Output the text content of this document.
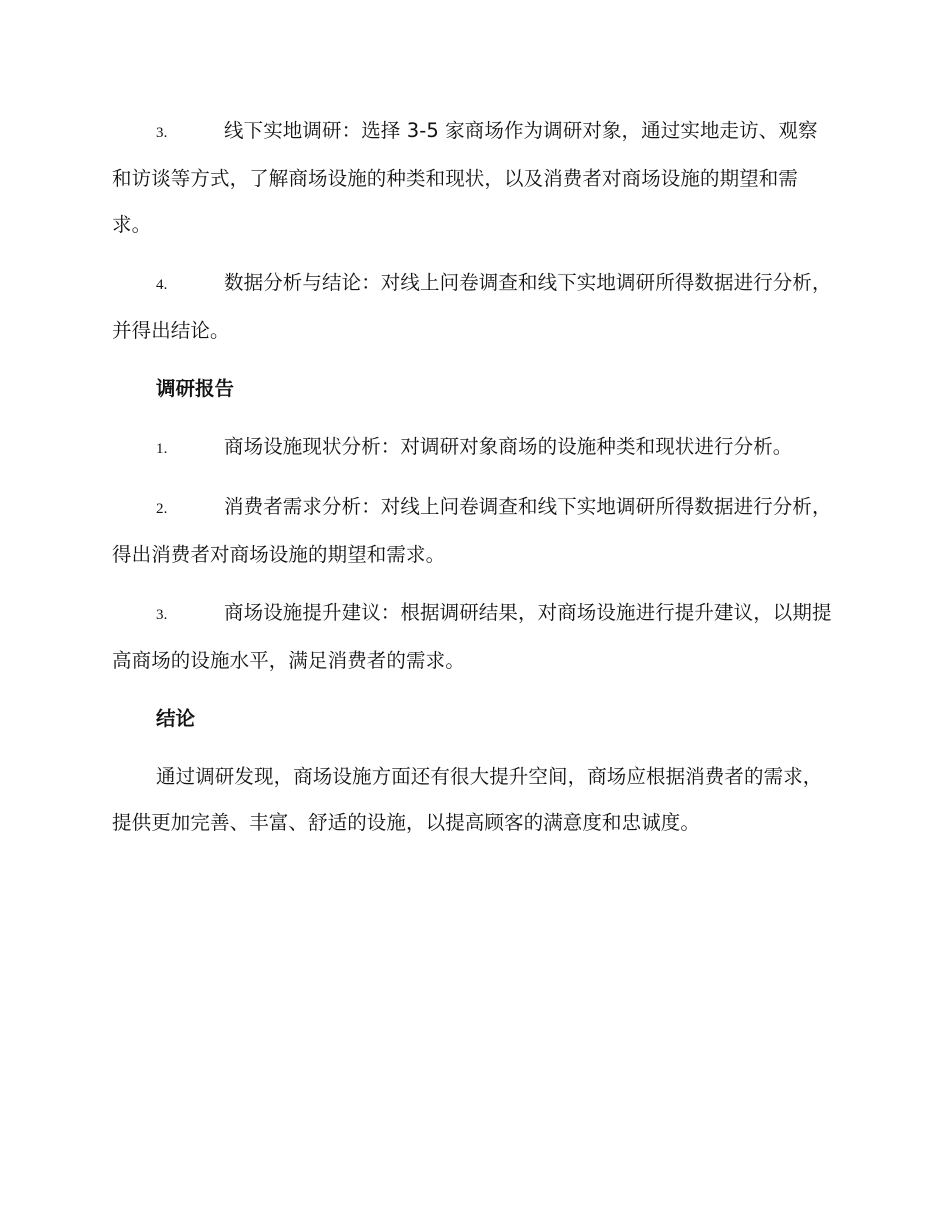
3.	线下实地调研：选择 3-5 家商场作为调研对象，通过实地走访、观察和访谈等方式，了解商场设施的种类和现状，以及消费者对商场设施的期望和需求。

4.	数据分析与结论：对线上问卷调查和线下实地调研所得数据进行分析，并得出结论。

调研报告

1.	商场设施现状分析：对调研对象商场的设施种类和现状进行分析。

2.	消费者需求分析：对线上问卷调查和线下实地调研所得数据进行分析，得出消费者对商场设施的期望和需求。

3.	商场设施提升建议：根据调研结果，对商场设施进行提升建议，以期提高商场的设施水平，满足消费者的需求。

结论

通过调研发现，商场设施方面还有很大提升空间，商场应根据消费者的需求，提供更加完善、丰富、舒适的设施，以提高顾客的满意度和忠诚度。
